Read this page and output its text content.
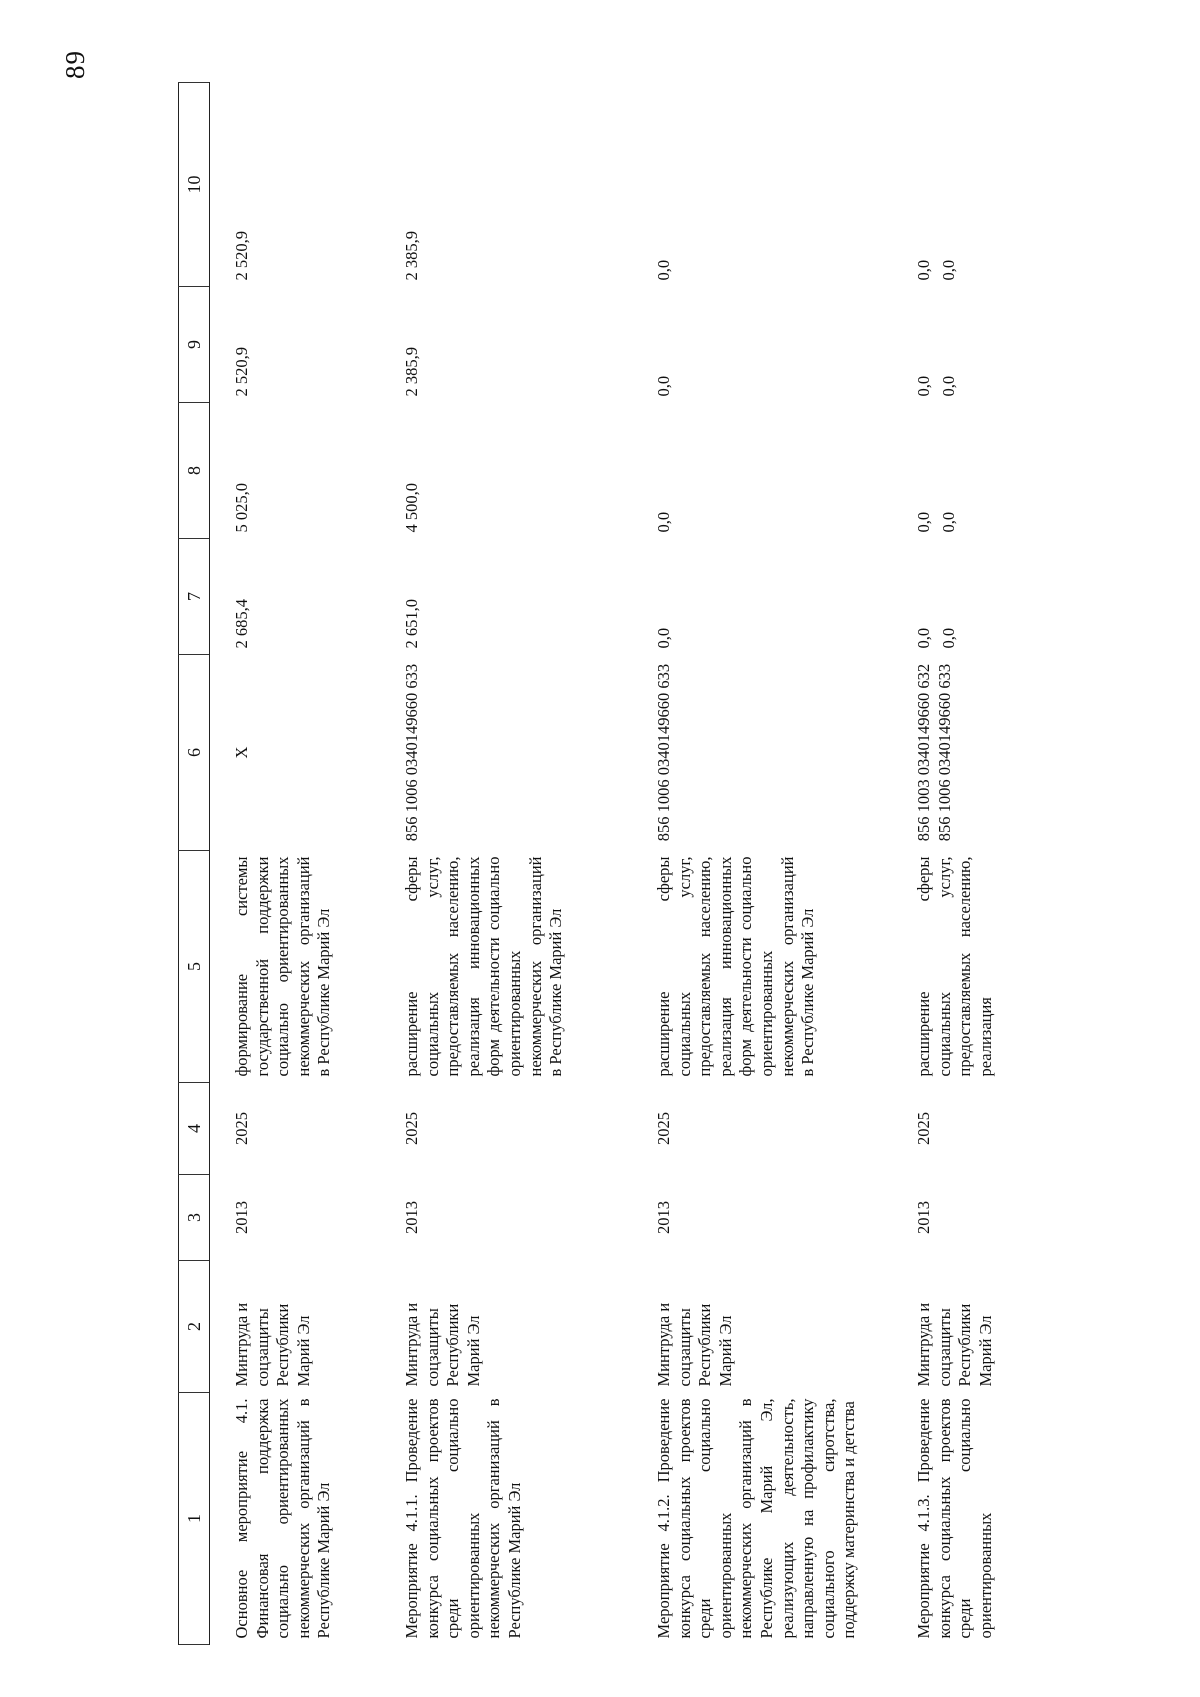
89
1	2	3	4	5	6	7	8	9	10
Основное мероприятие 4.1. Финансовая поддержка социально ориентированных некоммерческих организаций в Республике Марий Эл	Минтруда и соцзащиты Республики Марий Эл	2013	2025	формирование системы государственной поддержки социально ориентированных некоммерческих организаций в Республике Марий Эл	X	2 685,4	5 025,0	2 520,9	2 520,9
Мероприятие 4.1.1. Проведение конкурса социальных проектов среди социально ориентированных некоммерческих организаций в Республике Марий Эл	Минтруда и соцзащиты Республики Марий Эл	2013	2025	расширение сферы социальных услуг, предоставляемых населению, реализация инновационных форм деятельности социально ориентированных некоммерческих организаций в Республике Марий Эл	856 1006 0340149660 633	2 651,0	4 500,0	2 385,9	2 385,9
Мероприятие 4.1.2. Проведение конкурса социальных проектов среди социально ориентированных некоммерческих организаций в Республике Марий Эл, реализующих деятельность, направленную на профилактику социального сиротства, поддержку материнства и детства	Минтруда и соцзащиты Республики Марий Эл	2013	2025	расширение сферы социальных услуг, предоставляемых населению, реализация инновационных форм деятельности социально ориентированных некоммерческих организаций в Республике Марий Эл	856 1006 0340149660 633	0,0	0,0	0,0	0,0
Мероприятие 4.1.3. Проведение конкурса социальных проектов среди социально ориентированных	Минтруда и соцзащиты Республики Марий Эл	2013	2025	расширение сферы социальных услуг, предоставляемых населению, реализация	856 1003 0340149660 632 856 1006 0340149660 633	0,0 0,0	0,0 0,0	0,0 0,0	0,0 0,0
